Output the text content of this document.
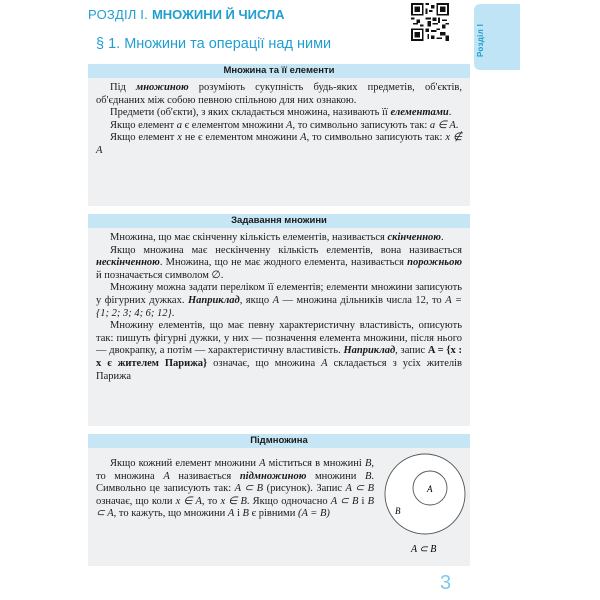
Розділ І
РОЗДІЛ І. МНОЖИНИ Й ЧИСЛА
§ 1. Множини та операції над ними
Множина та її елементи

Під множиною розуміють сукупність будь-яких предметів, об'єктів, об'єднаних між собою певною спільною для них ознакою.

Предмети (об'єкти), з яких складається множина, називають її елементами.

Якщо елемент a є елементом множини A, то символьно записують так: a ∈ A.

Якщо елемент x не є елементом множини A, то символьно записують так: x ∉ A

Задавання множини

Множина, що має скінченну кількість елементів, називається скінченною.

Якщо множина має нескінченну кількість елементів, вона називається нескінченною. Множина, що не має жодного елемента, називається порожньою й позначається символом ∅.

Множину можна задати переліком її елементів; елементи множини записують у фігурних дужках. Наприклад, якщо A — множина дільників числа 12, то A = {1; 2; 3; 4; 6; 12}.

Множину елементів, що має певну характеристичну властивість, описують так: пишуть фігурні дужки, у них — позначення елемента множини, після нього — двокрапку, а потім — характеристичну властивість. Наприклад, запис A = {x : x є жителем Парижа} означає, що множина A складається з усіх жителів Парижа

Підмножина

Якщо кожний елемент множини A міститься в множині B, то множина A називається підмножиною множини B. Символьно це записують так: A ⊂ B (рисунок). Запис A ⊂ B означає, що коли x ∈ A, то x ∈ B. Якщо одночасно A ⊂ B і B ⊂ A, то кажуть, що множини A і B є рівними (A = B)

A
B
A ⊂ B
3
